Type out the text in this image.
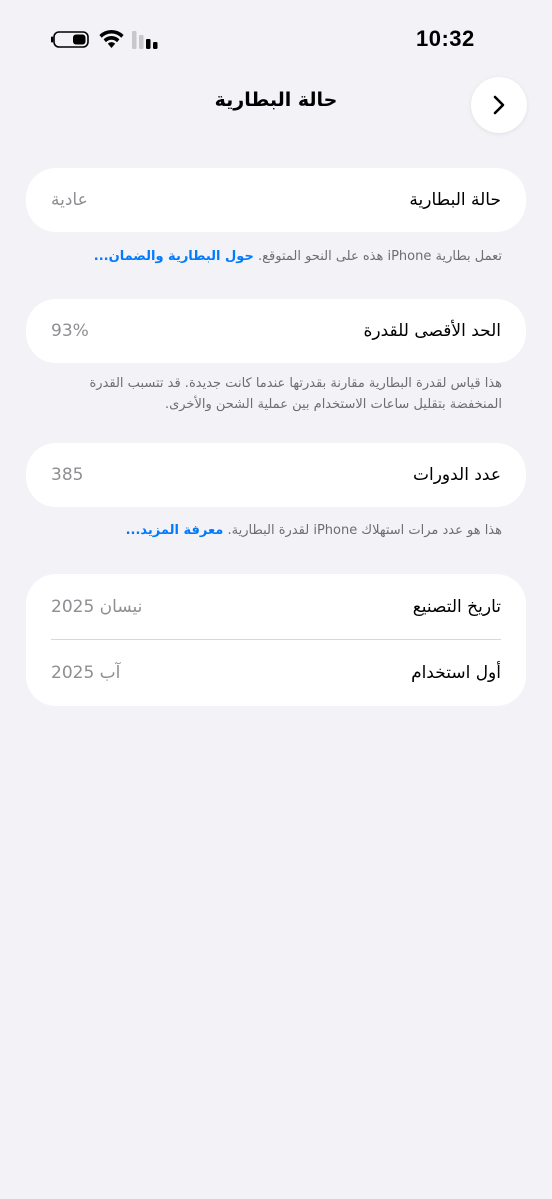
10:32
حالة البطارية
عادية	حالة البطارية
تعمل بطارية iPhone هذه على النحو المتوقع. حول البطارية والضمان...
93%	الحد الأقصى للقدرة
هذا قياس لقدرة البطارية مقارنة بقدرتها عندما كانت جديدة. قد تتسبب القدرة المنخفضة بتقليل ساعات الاستخدام بين عملية الشحن والأخرى.
385	عدد الدورات
هذا هو عدد مرات استهلاك iPhone لقدرة البطارية. معرفة المزيد...
نيسان 2025	تاريخ التصنيع
آب 2025	أول استخدام
